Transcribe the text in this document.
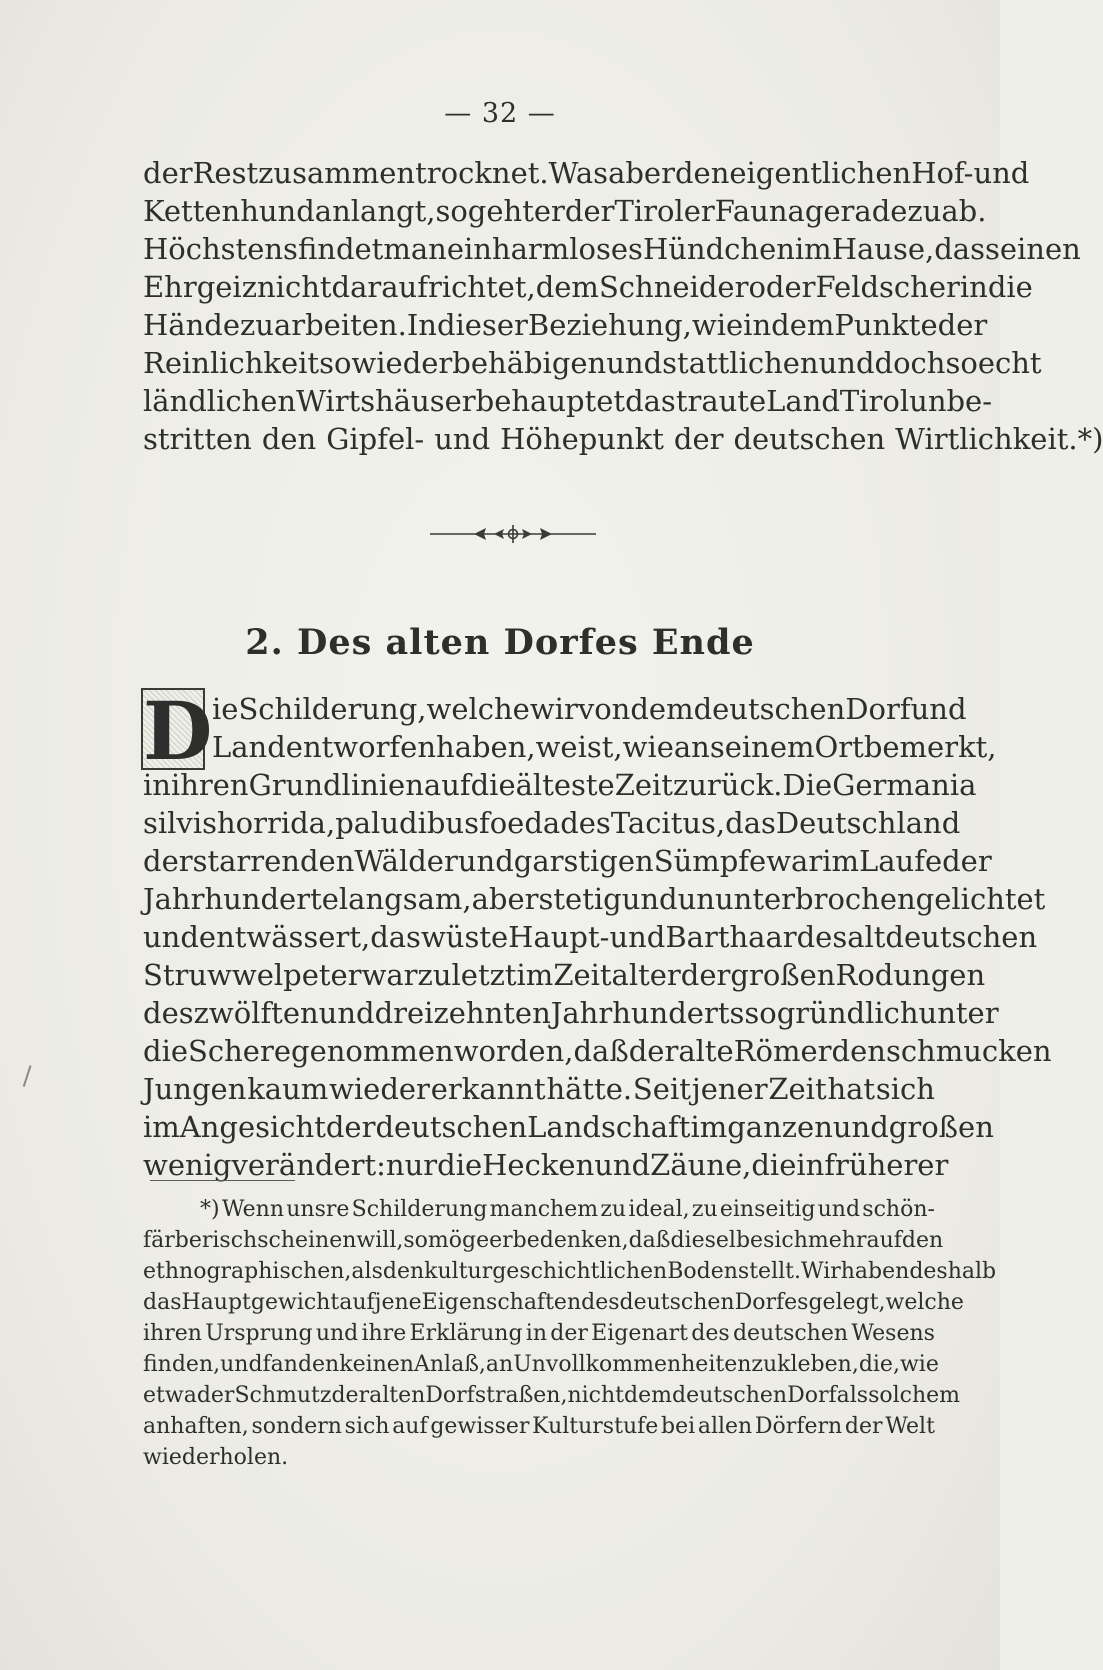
— 32 —
der Rest zusammentrocknet. Was aber den eigentlichen Hof- und
Kettenhund anlangt, so geht er der Tiroler Fauna geradezu ab.
Höchstens findet man ein harmloses Hündchen im Hause, das seinen
Ehrgeiz nicht darauf richtet, dem Schneider oder Feldscher in die
Hände zu arbeiten. In dieser Beziehung, wie in dem Punkte der
Reinlichkeit sowie der behäbigen und stattlichen und doch so echt
ländlichen Wirtshäuser behauptet das traute Land Tirol unbe-
stritten den Gipfel- und Höhepunkt der deutschen Wirtlichkeit.*)
2. Des alten Dorfes Ende
D ie Schilderung, welche wir von dem deutschen Dorf und
Land entworfen haben, weist, wie an seinem Ort bemerkt,
in ihren Grundlinien auf die älteste Zeit zurück. Die Germania
silvis horrida, paludibus foeda des Tacitus, das Deutschland
der starrenden Wälder und garstigen Sümpfe war im Laufe der
Jahrhunderte langsam, aber stetig und ununterbrochen gelichtet
und entwässert, das wüste Haupt- und Barthaar des altdeutschen
Struwwelpeter war zuletzt im Zeitalter der großen Rodungen
des zwölften und dreizehnten Jahrhunderts so gründlich unter
die Schere genommen worden, daß der alte Römer den schmucken
Jungen kaum wieder erkannt hätte. Seit jener Zeit hat sich
im Angesicht der deutschen Landschaft im ganzen und großen
wenig verändert: nur die Hecken und Zäune, die in früherer
*) Wenn unsre Schilderung manchem zu ideal, zu einseitig und schön-
färberisch scheinen will, so möge er bedenken, daß dieselbe sich mehr auf den
ethnographischen, als den kulturgeschichtlichen Boden stellt. Wir haben deshalb
das Hauptgewicht auf jene Eigenschaften des deutschen Dorfes gelegt, welche
ihren Ursprung und ihre Erklärung in der Eigenart des deutschen Wesens
finden, und fanden keinen Anlaß, an Unvollkommenheiten zu kleben, die, wie
etwa der Schmutz der alten Dorfstraßen, nicht dem deutschen Dorf als solchem
anhaften, sondern sich auf gewisser Kulturstufe bei allen Dörfern der Welt
wiederholen.
